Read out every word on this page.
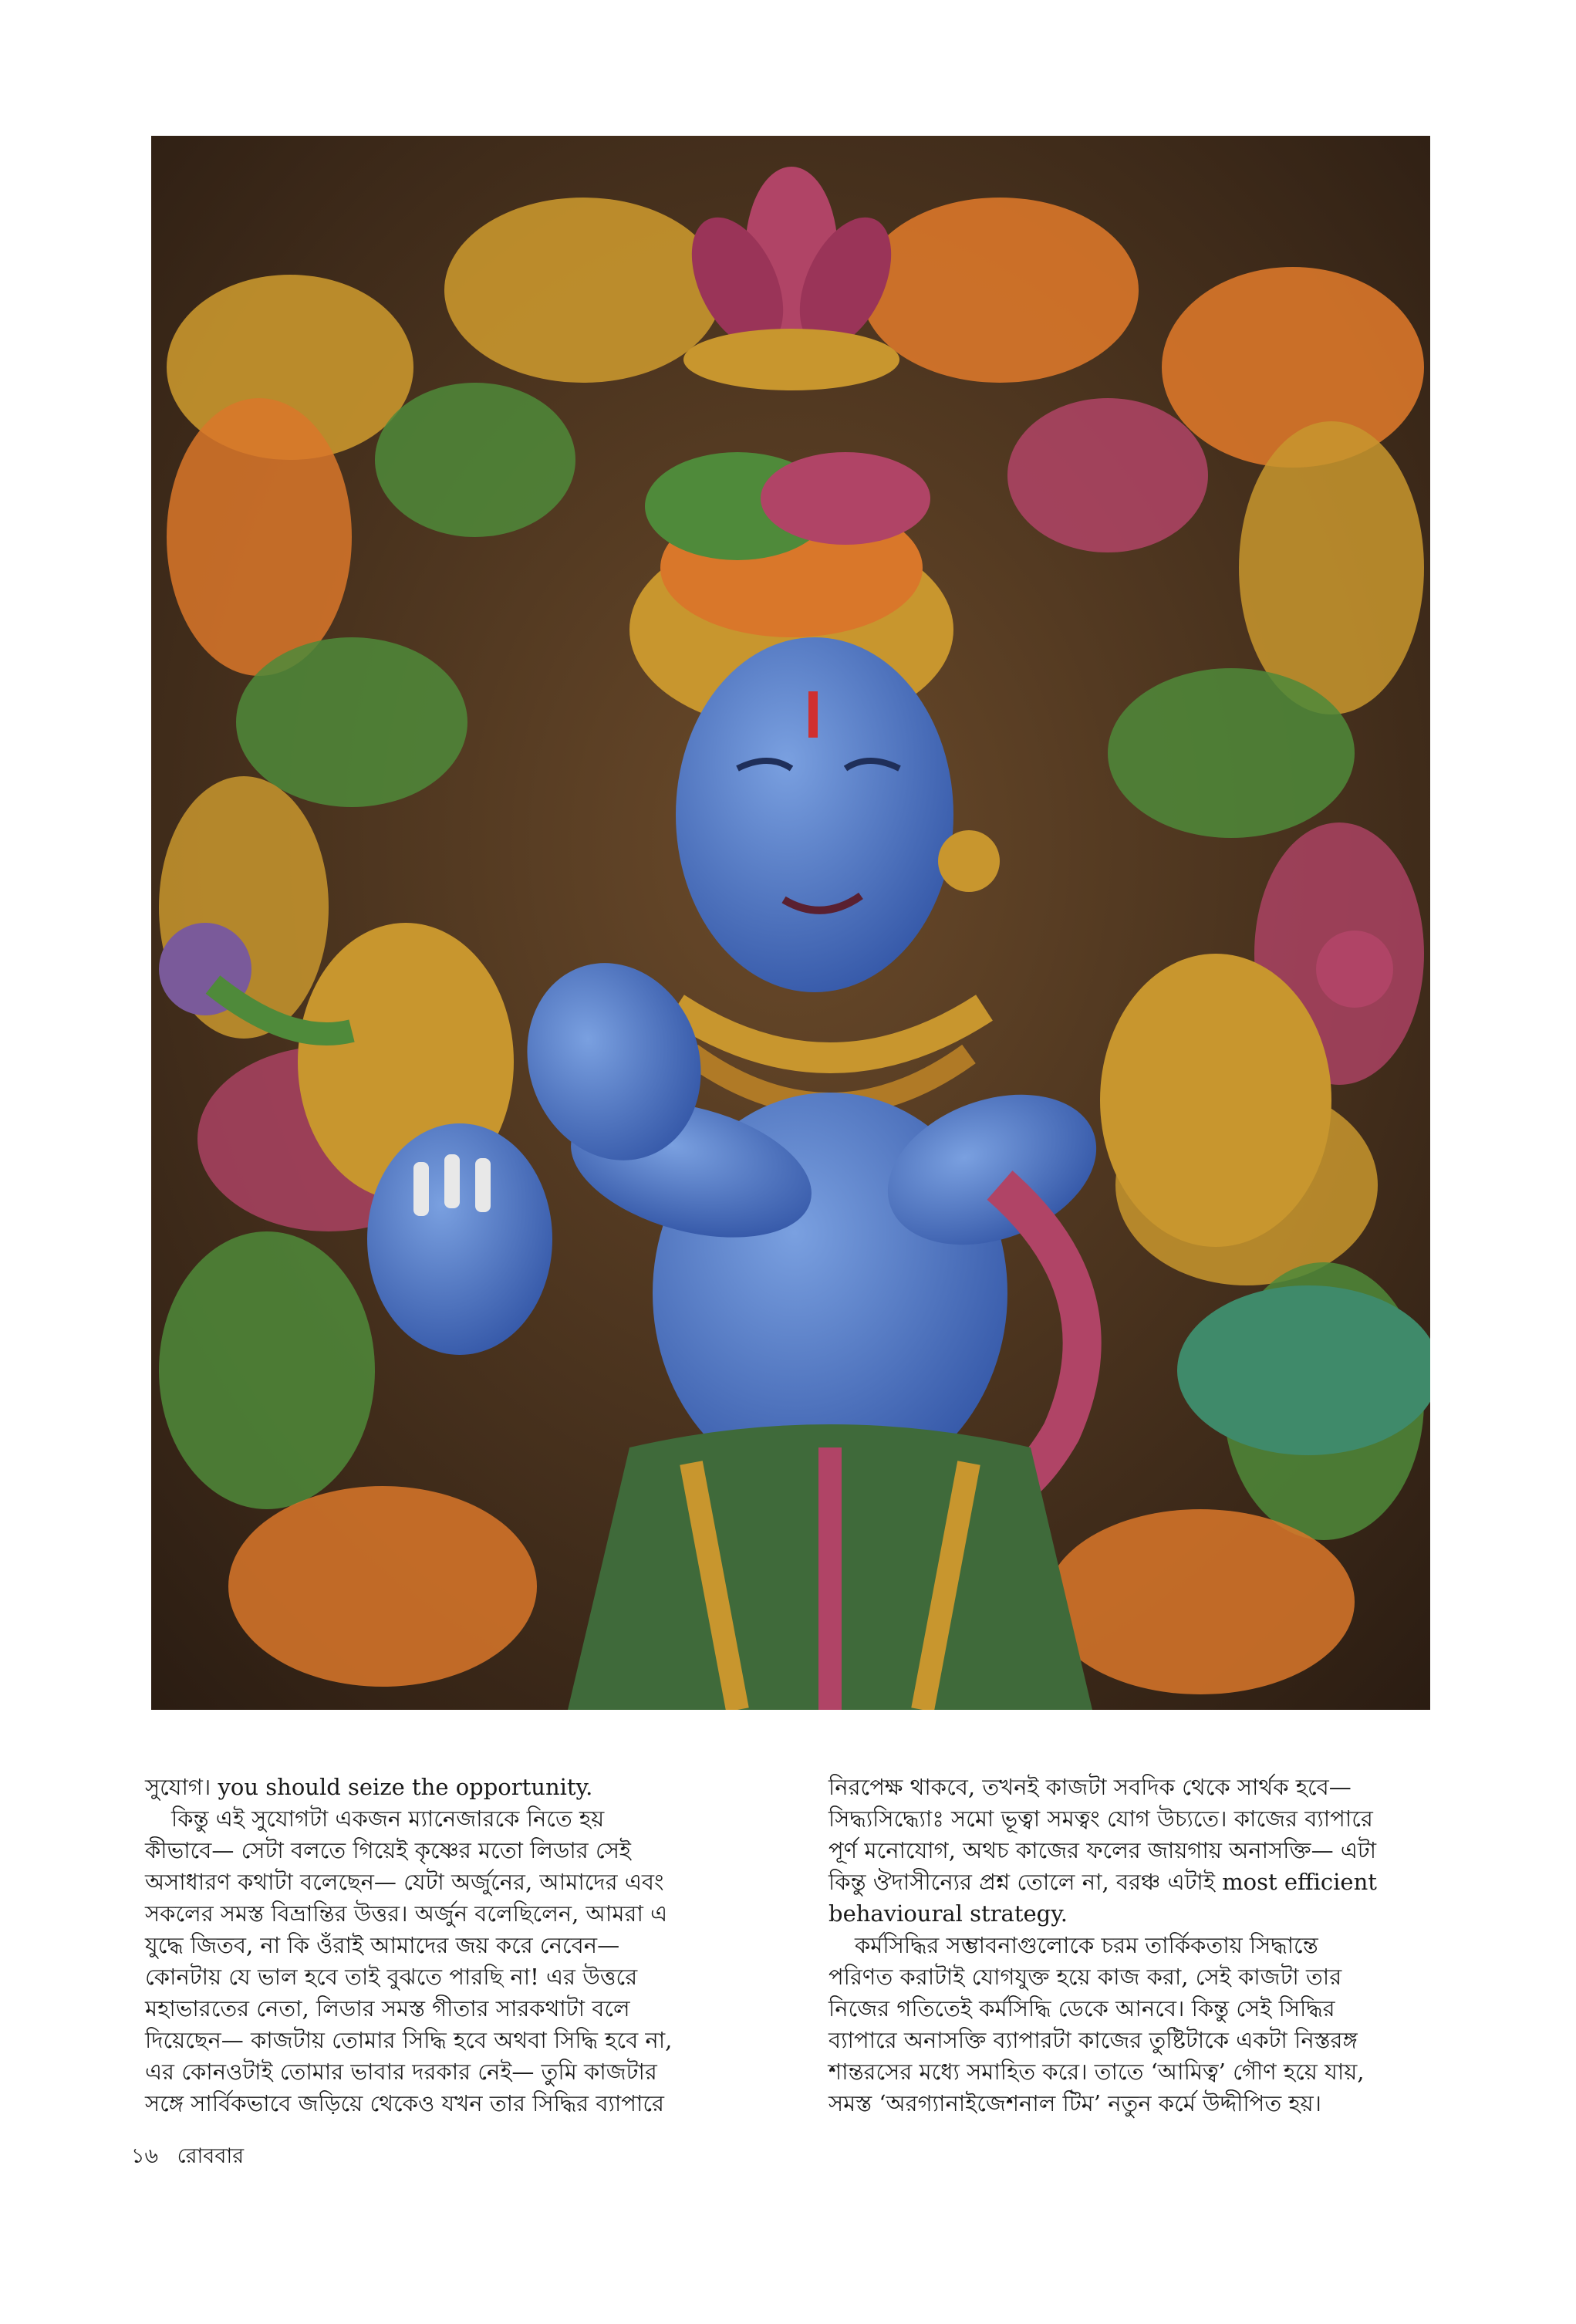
সুযোগ। you should seize the opportunity.

কিন্তু এই সুযোগটা একজন ম্যানেজারকে নিতে হয়

কীভাবে— সেটা বলতে গিয়েই কৃষ্ণের মতো লিডার সেই

অসাধারণ কথাটা বলেছেন— যেটা অর্জুনের, আমাদের এবং

সকলের সমস্ত বিভ্রান্তির উত্তর। অর্জুন বলেছিলেন, আমরা এ

যুদ্ধে জিতব, না কি ওঁরাই আমাদের জয় করে নেবেন—

কোনটায় যে ভাল হবে তাই বুঝতে পারছি না! এর উত্তরে

মহাভারতের নেতা, লিডার সমস্ত গীতার সারকথাটা বলে

দিয়েছেন— কাজটায় তোমার সিদ্ধি হবে অথবা সিদ্ধি হবে না,

এর কোনওটাই তোমার ভাবার দরকার নেই— তুমি কাজটার

সঙ্গে সার্বিকভাবে জড়িয়ে থেকেও যখন তার সিদ্ধির ব্যাপারে

নিরপেক্ষ থাকবে, তখনই কাজটা সবদিক থেকে সার্থক হবে—

সিদ্ধ্যসিদ্ধ্যোঃ সমো ভূত্বা সমত্বং যোগ উচ্যতে। কাজের ব্যাপারে

পূর্ণ মনোযোগ, অথচ কাজের ফলের জায়গায় অনাসক্তি— এটা

কিন্তু ঔদাসীন্যের প্রশ্ন তোলে না, বরঞ্চ এটাই most efficient

behavioural strategy.

কর্মসিদ্ধির সম্ভাবনাগুলোকে চরম তার্কিকতায় সিদ্ধান্তে

পরিণত করাটাই যোগযুক্ত হয়ে কাজ করা, সেই কাজটা তার

নিজের গতিতেই কর্মসিদ্ধি ডেকে আনবে। কিন্তু সেই সিদ্ধির

ব্যাপারে অনাসক্তি ব্যাপারটা কাজের তুষ্টিটাকে একটা নিস্তরঙ্গ

শান্তরসের মধ্যে সমাহিত করে। তাতে ‘আমিত্ব’ গৌণ হয়ে যায়,

সমস্ত ‘অরগ্যানাইজেশনাল টিম’ নতুন কর্মে উদ্দীপিত হয়।

১৬ রোববার
